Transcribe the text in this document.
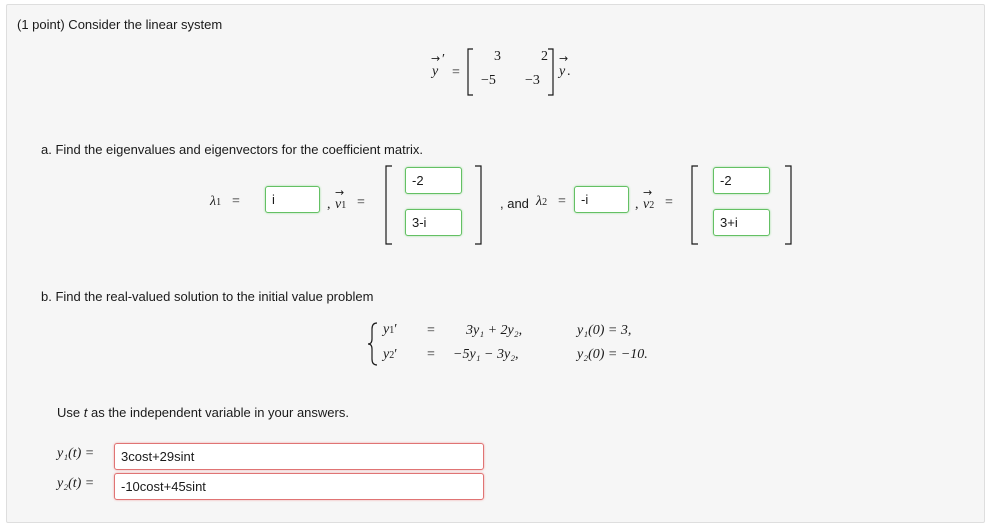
(1 point) Consider the linear system
→
y
′
=
3	2
−5 −3
→
y .
a. Find the eigenvalues and eigenvectors for the coefficient matrix.
λ1 =	i	,
→
v1 =
-2
3-i
, and λ2 =	-i	,
→
v2 =
-2
3+i
b. Find the real-valued solution to the initial value problem
y1′ = 3y₁ + 2y₂,	y₁(0) = 3,
y2′ = −5y₁ − 3y₂,	y₂(0) = −10.
Use t as the independent variable in your answers.
y₁(t) =	3cost+29sint
y₂(t) =	-10cost+45sint
